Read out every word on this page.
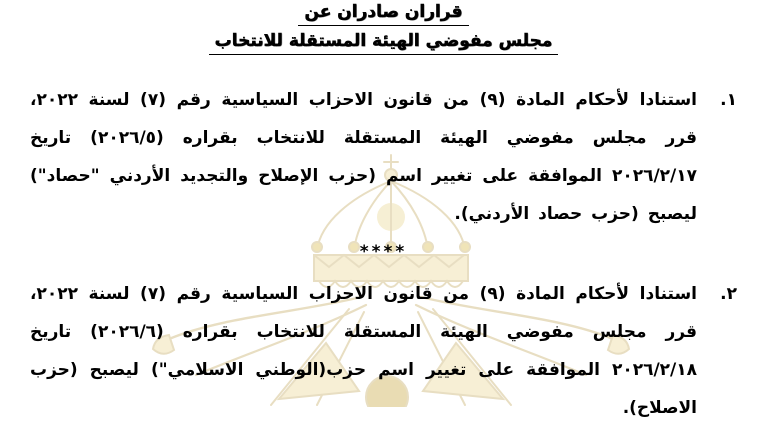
قراران صادران عن
مجلس مفوضي الهيئة المستقلة للانتخاب
١.

استنادا لأحكام المادة (٩) من قانون الاحزاب السياسية رقم (٧) لسنة ٢٠٢٢، قرر مجلس مفوضي الهيئة المستقلة للانتخاب بقراره (٢٠٢٦/٥) تاريخ ٢٠٢٦/٢/١٧ الموافقة على تغيير اسم (حزب الإصلاح والتجديد الأردني "حصاد") ليصبح (حزب حصاد الأردني).

****
٢.

استنادا لأحكام المادة (٩) من قانون الاحزاب السياسية رقم (٧) لسنة ٢٠٢٢، قرر مجلس مفوضي الهيئة المستقلة للانتخاب بقراره (٢٠٢٦/٦) تاريخ ٢٠٢٦/٢/١٨ الموافقة على تغيير اسم حزب(الوطني الاسلامي") ليصبح (حزب الاصلاح).
